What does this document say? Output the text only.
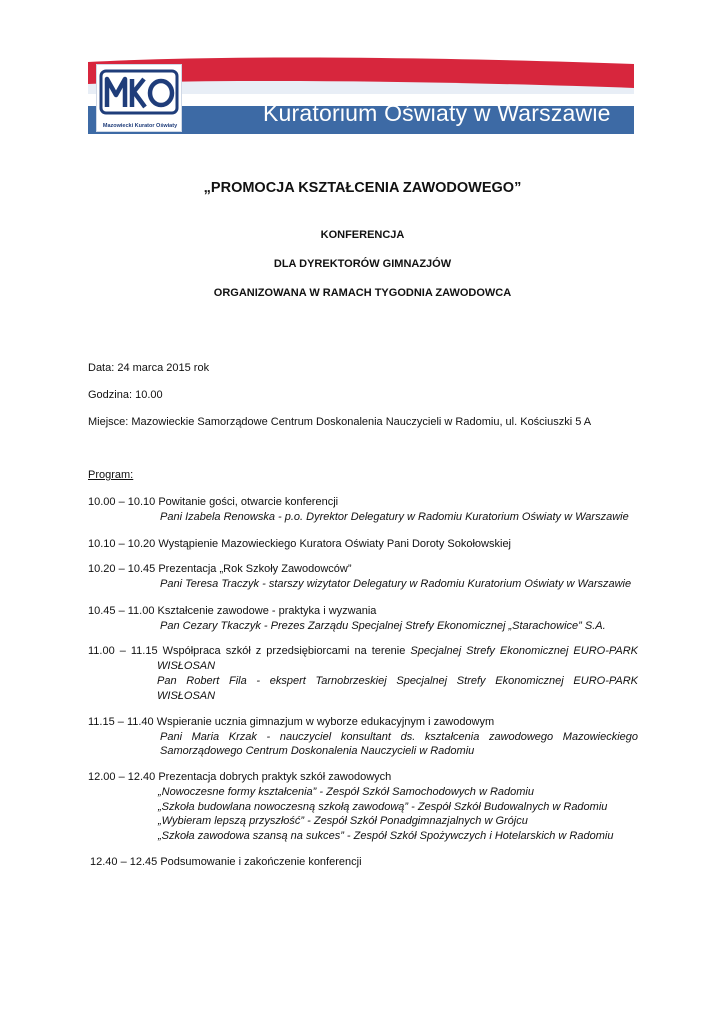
Kuratorium Oświaty w Warszawie
Mazowiecki Kurator Oświaty
„PROMOCJA KSZTAŁCENIA ZAWODOWEGO”
KONFERENCJA
DLA DYREKTORÓW GIMNAZJÓW
ORGANIZOWANA W RAMACH TYGODNIA ZAWODOWCA
Data: 24 marca 2015 rok
Godzina: 10.00
Miejsce: Mazowieckie Samorządowe Centrum Doskonalenia Nauczycieli w Radomiu, ul. Kościuszki 5 A
Program:
10.00 – 10.10 Powitanie gości, otwarcie konferencji
Pani Izabela Renowska - p.o. Dyrektor Delegatury w Radomiu Kuratorium Oświaty w Warszawie
10.10 – 10.20 Wystąpienie Mazowieckiego Kuratora Oświaty Pani Doroty Sokołowskiej
10.20 – 10.45 Prezentacja „Rok Szkoły Zawodowców”
Pani Teresa Traczyk - starszy wizytator Delegatury w Radomiu Kuratorium Oświaty w Warszawie
10.45 – 11.00 Kształcenie zawodowe - praktyka i wyzwania
Pan Cezary Tkaczyk - Prezes Zarządu Specjalnej Strefy Ekonomicznej „Starachowice” S.A.
11.00 – 11.15 Współpraca szkół z przedsiębiorcami na terenie Specjalnej Strefy Ekonomicznej EURO-PARK
WISŁOSAN
Pan Robert Fila - ekspert Tarnobrzeskiej Specjalnej Strefy Ekonomicznej EURO-PARK
WISŁOSAN
11.15 – 11.40 Wspieranie ucznia gimnazjum w wyborze edukacyjnym i zawodowym
Pani Maria Krzak - nauczyciel konsultant ds. kształcenia zawodowego Mazowieckiego
Samorządowego Centrum Doskonalenia Nauczycieli w Radomiu
12.00 – 12.40 Prezentacja dobrych praktyk szkół zawodowych
„Nowoczesne formy kształcenia” - Zespół Szkół Samochodowych w Radomiu
„Szkoła budowlana nowoczesną szkołą zawodową” - Zespół Szkół Budowalnych w Radomiu
„Wybieram lepszą przyszłość” - Zespół Szkół Ponadgimnazjalnych w Grójcu
„Szkoła zawodowa szansą na sukces” - Zespół Szkół Spożywczych i Hotelarskich w Radomiu
12.40 – 12.45 Podsumowanie i zakończenie konferencji
